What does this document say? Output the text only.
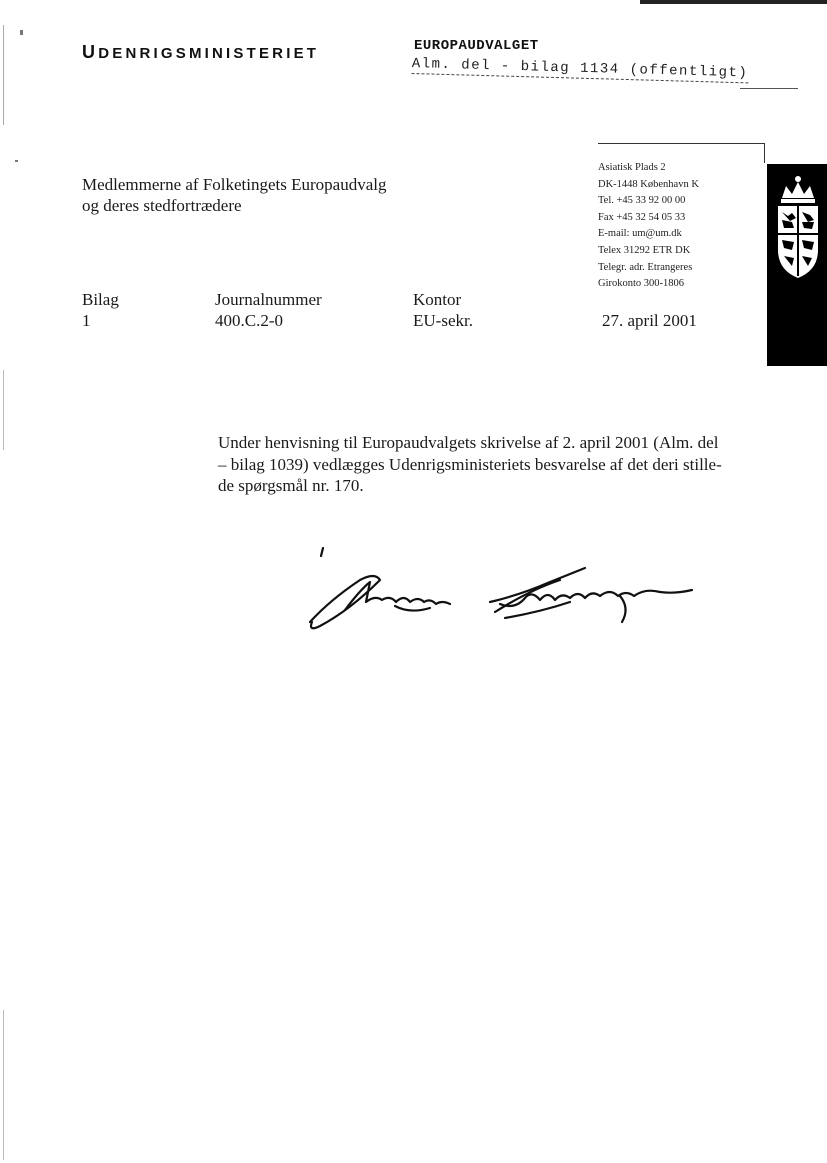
UDENRIGSMINISTERIET	EUROPAUDVALGET
Alm. del - bilag 1134 (offentligt)
Medlemmerne af Folketingets Europaudvalg
og deres stedfortrædere
Asiatisk Plads 2
DK-1448 København K
Tel. +45 33 92 00 00
Fax +45 32 54 05 33
E-mail: um@um.dk
Telex 31292 ETR DK
Telegr. adr. Etrangeres
Girokonto 300-1806
Bilag	Journalnummer	Kontor
1	400.C.2-0	EU-sekr.	27. april 2001
Under henvisning til Europaudvalgets skrivelse af 2. april 2001 (Alm. del
– bilag 1039) vedlægges Udenrigsministeriets besvarelse af det deri stille-
de spørgsmål nr. 170.
